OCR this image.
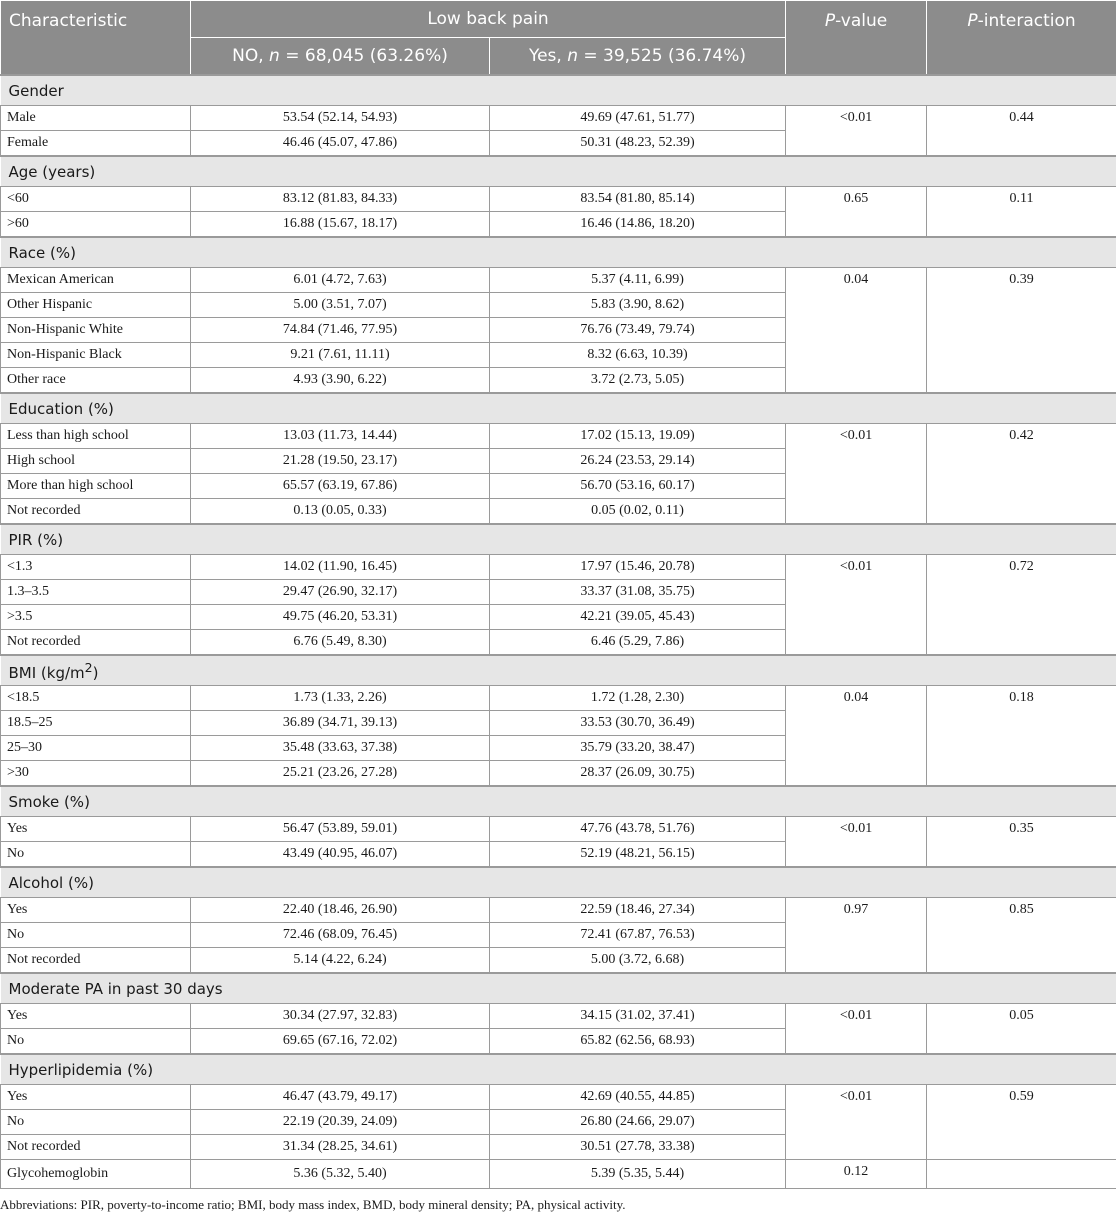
Characteristic	Low back pain		P-value	P-interaction
	NO, n = 68,045 (63.26%)	Yes, n = 39,525 (36.74%)		
Gender				
Male	53.54 (52.14, 54.93)	49.69 (47.61, 51.77)	<0.01	0.44
Female	46.46 (45.07, 47.86)	50.31 (48.23, 52.39)		
Age (years)				
<60	83.12 (81.83, 84.33)	83.54 (81.80, 85.14)	0.65	0.11
>60	16.88 (15.67, 18.17)	16.46 (14.86, 18.20)		
Race (%)				
Mexican American	6.01 (4.72, 7.63)	5.37 (4.11, 6.99)	0.04	0.39
Other Hispanic	5.00 (3.51, 7.07)	5.83 (3.90, 8.62)		
Non-Hispanic White	74.84 (71.46, 77.95)	76.76 (73.49, 79.74)		
Non-Hispanic Black	9.21 (7.61, 11.11)	8.32 (6.63, 10.39)		
Other race	4.93 (3.90, 6.22)	3.72 (2.73, 5.05)		
Education (%)				
Less than high school	13.03 (11.73, 14.44)	17.02 (15.13, 19.09)	<0.01	0.42
High school	21.28 (19.50, 23.17)	26.24 (23.53, 29.14)		
More than high school	65.57 (63.19, 67.86)	56.70 (53.16, 60.17)		
Not recorded	0.13 (0.05, 0.33)	0.05 (0.02, 0.11)		
PIR (%)				
<1.3	14.02 (11.90, 16.45)	17.97 (15.46, 20.78)	<0.01	0.72
1.3–3.5	29.47 (26.90, 32.17)	33.37 (31.08, 35.75)		
>3.5	49.75 (46.20, 53.31)	42.21 (39.05, 45.43)		
Not recorded	6.76 (5.49, 8.30)	6.46 (5.29, 7.86)		
BMI $(kg/m^2)$				
<18.5	1.73 (1.33, 2.26)	1.72 (1.28, 2.30)	0.04	0.18
18.5–25	36.89 (34.71, 39.13)	33.53 (30.70, 36.49)		
25–30	35.48 (33.63, 37.38)	35.79 (33.20, 38.47)		
>30	25.21 (23.26, 27.28)	28.37 (26.09, 30.75)		
Smoke (%)				
Yes	56.47 (53.89, 59.01)	47.76 (43.78, 51.76)	<0.01	0.35
No	43.49 (40.95, 46.07)	52.19 (48.21, 56.15)		
Alcohol (%)				
Yes	22.40 (18.46, 26.90)	22.59 (18.46, 27.34)	0.97	0.85
No	72.46 (68.09, 76.45)	72.41 (67.87, 76.53)		
Not recorded	5.14 (4.22, 6.24)	5.00 (3.72, 6.68)		
Moderate PA in past 30 days				
Yes	30.34 (27.97, 32.83)	34.15 (31.02, 37.41)	<0.01	0.05
No	69.65 (67.16, 72.02)	65.82 (62.56, 68.93)		
Hyperlipidemia (%)				
Yes	46.47 (43.79, 49.17)	42.69 (40.55, 44.85)	<0.01	0.59
No	22.19 (20.39, 24.09)	26.80 (24.66, 29.07)		
Not recorded	31.34 (28.25, 34.61)	30.51 (27.78, 33.38)		
Glycohemoglobin	5.36 (5.32, 5.40)	5.39 (5.35, 5.44)	0.12	
Abbreviations: PIR, poverty-to-income ratio; BMI, body mass index, BMD, body mineral density; PA, physical activity.
